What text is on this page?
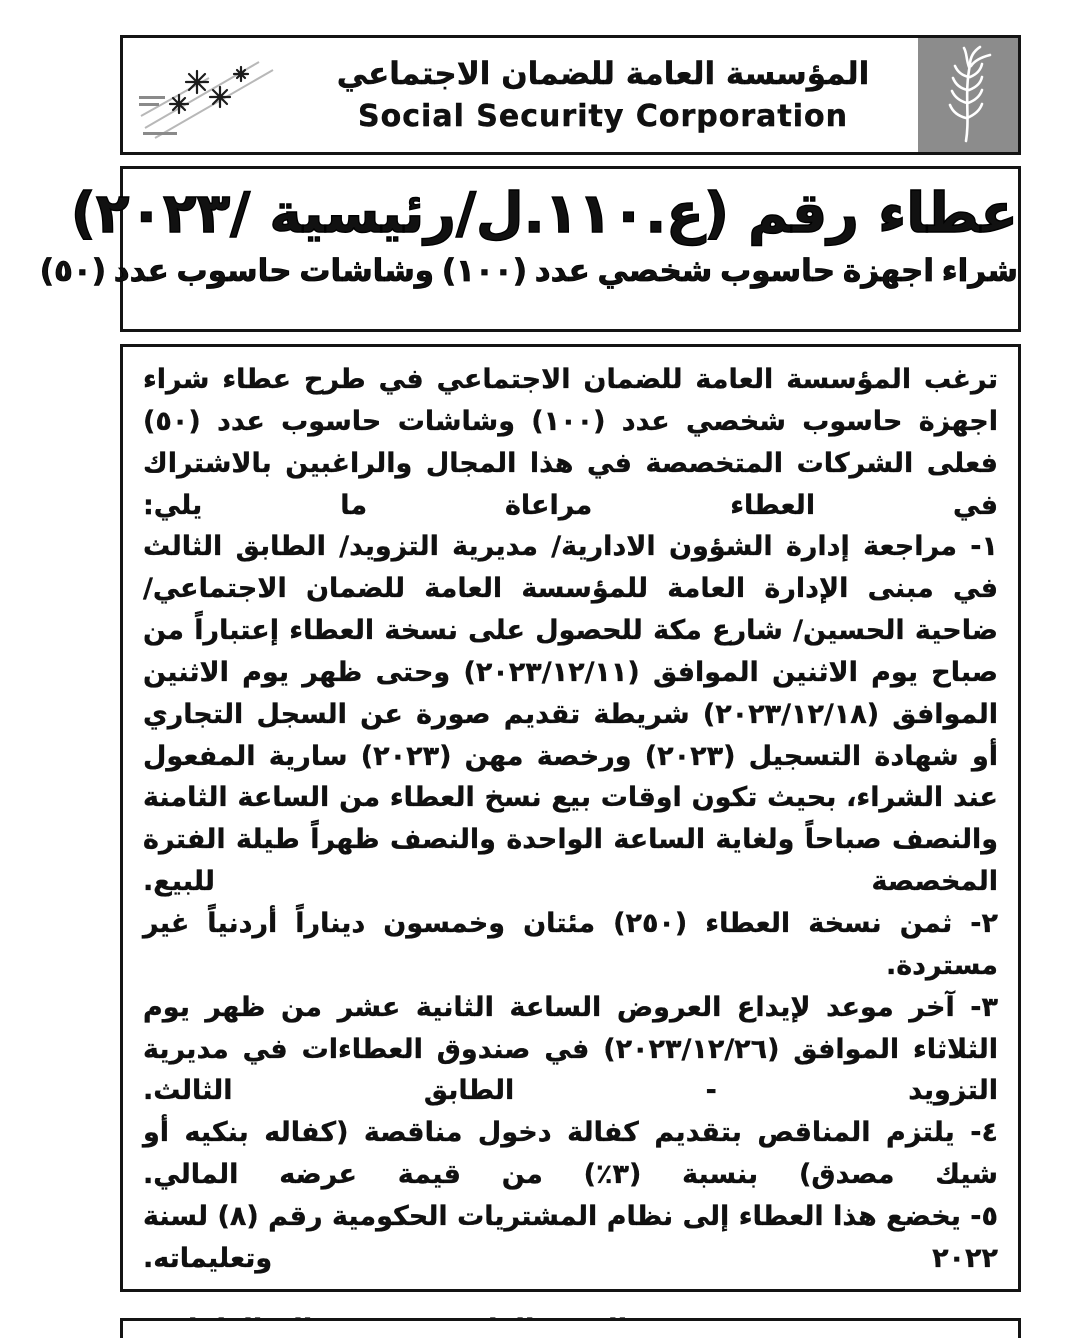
المؤسسة العامة للضمان الاجتماعي
Social Security Corporation
عطاء رقم (ع.١١٠.ل/رئيسية /٢٠٢٣)
شراء اجهزة حاسوب شخصي عدد (١٠٠) وشاشات حاسوب عدد (٥٠)

ترغب المؤسسة العامة للضمان الاجتماعي في طرح عطاء شراء اجهزة حاسوب شخصي عدد (١٠٠) وشاشات حاسوب عدد (٥٠) فعلى الشركات المتخصصة في هذا المجال والراغبين بالاشتراك في العطاء مراعاة ما يلي:

١- مراجعة إدارة الشؤون الادارية/ مديرية التزويد/ الطابق الثالث في مبنى الإدارة العامة للمؤسسة العامة للضمان الاجتماعي/ ضاحية الحسين/ شارع مكة للحصول على نسخة العطاء إعتباراً من صباح يوم الاثنين الموافق (٢٠٢٣/١٢/١١) وحتى ظهر يوم الاثنين الموافق (٢٠٢٣/١٢/١٨) شريطة تقديم صورة عن السجل التجاري أو شهادة التسجيل (٢٠٢٣) ورخصة مهن (٢٠٢٣) سارية المفعول عند الشراء، بحيث تكون اوقات بيع نسخ العطاء من الساعة الثامنة والنصف صباحاً ولغاية الساعة الواحدة والنصف ظهراً طيلة الفترة المخصصة للبيع.

٢- ثمن نسخة العطاء (٢٥٠) مئتان وخمسون ديناراً أردنياً غير مستردة.

٣- آخر موعد لإيداع العروض الساعة الثانية عشر من ظهر يوم الثلاثاء الموافق (٢٠٢٣/١٢/٢٦) في صندوق العطاءات في مديرية التزويد - الطابق الثالث.

٤- يلتزم المناقص بتقديم كفالة دخول مناقصة (كفاله بنكيه أو شيك مصدق) بنسبة (٣٪) من قيمة عرضه المالي.

٥- يخضع هذا العطاء إلى نظام المشتريات الحكومية رقم (٨) لسنة ٢٠٢٢ وتعليماته.
